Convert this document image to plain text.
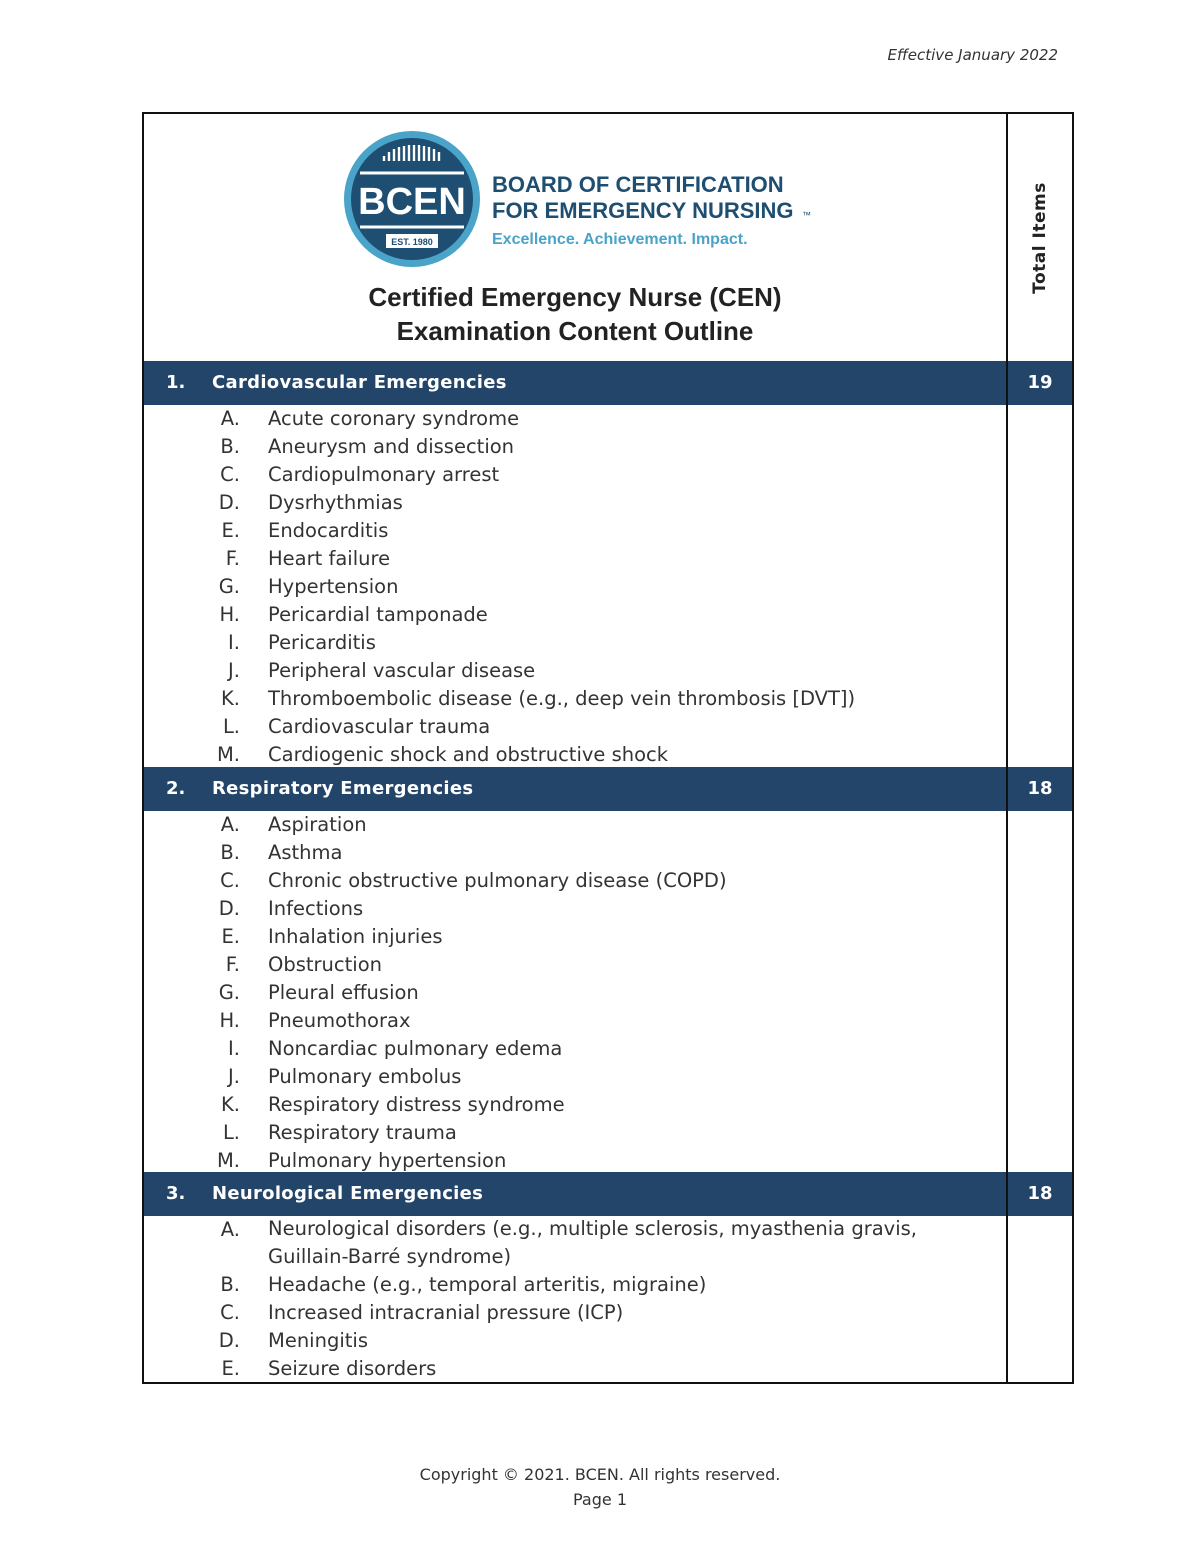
Effective January 2022
BCEN
EST. 1980
BOARD OF CERTIFICATION
FOR EMERGENCY NURSING ™
Excellence. Achievement. Impact.
Certified Emergency Nurse (CEN)
Examination Content Outline
Total Items
1. Cardiovascular Emergencies	19
A. Acute coronary syndrome
B. Aneurysm and dissection
C. Cardiopulmonary arrest
D. Dysrhythmias
E. Endocarditis
F. Heart failure
G. Hypertension
H. Pericardial tamponade
I. Pericarditis
J. Peripheral vascular disease
K. Thromboembolic disease (e.g., deep vein thrombosis [DVT])
L. Cardiovascular trauma
M. Cardiogenic shock and obstructive shock
2. Respiratory Emergencies	18
A. Aspiration
B. Asthma
C. Chronic obstructive pulmonary disease (COPD)
D. Infections
E. Inhalation injuries
F. Obstruction
G. Pleural effusion
H. Pneumothorax
I. Noncardiac pulmonary edema
J. Pulmonary embolus
K. Respiratory distress syndrome
L. Respiratory trauma
M. Pulmonary hypertension
3. Neurological Emergencies	18
A. Neurological disorders (e.g., multiple sclerosis, myasthenia gravis,
Guillain-Barré syndrome)
B. Headache (e.g., temporal arteritis, migraine)
C. Increased intracranial pressure (ICP)
D. Meningitis
E. Seizure disorders
Copyright © 2021. BCEN. All rights reserved.
Page 1
